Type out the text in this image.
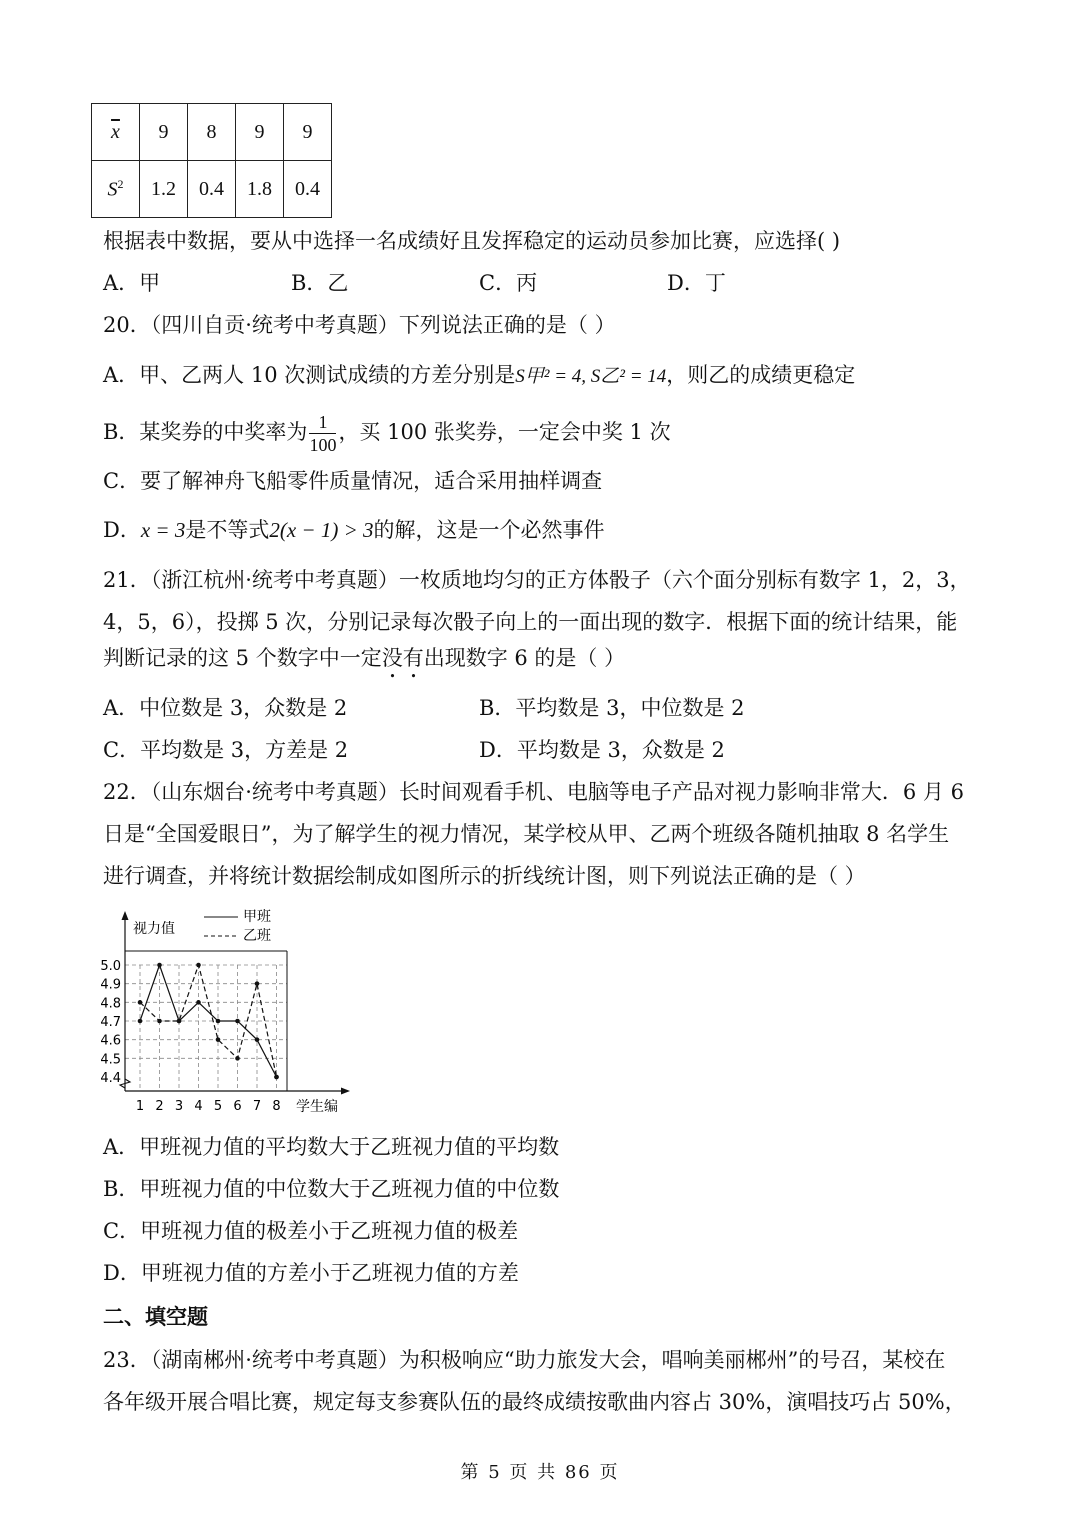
$\overline{x}$	9	8	9	9
$S^2$	1.2	0.4	1.8	0.4
根据表中数据，要从中选择一名成绩好且发挥稳定的运动员参加比赛，应选择( )
A．甲	B．乙	C．丙	D．丁
20．（四川自贡·统考中考真题）下列说法正确的是（ ）
A．甲、乙两人 10 次测试成绩的方差分别是S甲² = 4, S乙² = 14，则乙的成绩更稳定
B．某奖券的中奖率为 $\frac{1}{100}$ ，买 100 张奖券，一定会中奖 1 次
C．要了解神舟飞船零件质量情况，适合采用抽样调查
D．x = 3是不等式2(x − 1) > 3的解，这是一个必然事件
21．（浙江杭州·统考中考真题）一枚质地均匀的正方体骰子（六个面分别标有数字 1，2，3，
4，5，6），投掷 5 次，分别记录每次骰子向上的一面出现的数字．根据下面的统计结果，能
判断记录的这 5 个数字中一定没有出现数字 6 的是（ ）
A．中位数是 3，众数是 2	B．平均数是 3，中位数是 2
C．平均数是 3，方差是 2	D．平均数是 3，众数是 2
22．（山东烟台·统考中考真题）长时间观看手机、电脑等电子产品对视力影响非常大．6 月 6
日是“全国爱眼日”，为了解学生的视力情况，某学校从甲、乙两个班级各随机抽取 8 名学生
进行调查，并将统计数据绘制成如图所示的折线统计图，则下列说法正确的是（ ）
视力值
学生编
甲班
乙班
4.4
4.5
4.6
4.7
4.8
4.9
5.0
1 2 3 4 5 6 7 8
A．甲班视力值的平均数大于乙班视力值的平均数
B．甲班视力值的中位数大于乙班视力值的中位数
C．甲班视力值的极差小于乙班视力值的极差
D．甲班视力值的方差小于乙班视力值的方差
二、填空题
23．（湖南郴州·统考中考真题）为积极响应“助力旅发大会，唱响美丽郴州”的号召，某校在
各年级开展合唱比赛，规定每支参赛队伍的最终成绩按歌曲内容占 30%，演唱技巧占 50%，
第 5 页 共 86 页
